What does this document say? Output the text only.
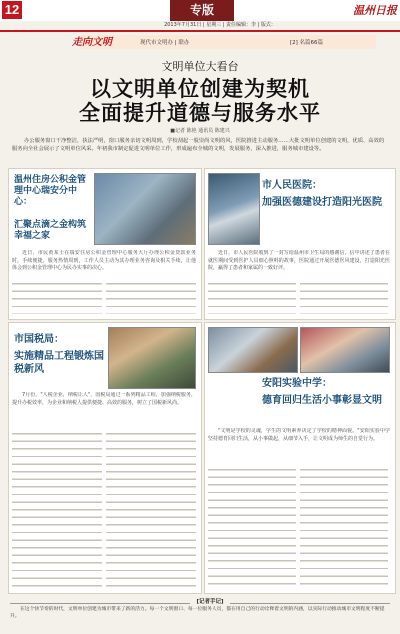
12	专版
2013年7月31日 | 星期三 | 责任编辑：李 | 版式：
温州日报
走向文明	现代市文明办 | 联办	[2] 名篇66篇
文明单位大看台
以文明单位创建为契机
全面提升道德与服务水平
■记者 陈艳 通讯员 陈建兴
办公服务窗口干净整洁，执法严明，窗口服务亲切文明周到，学校刮起一股崇尚文明的风，医院推进主动服务……大批文明单位创建的文明，优质、高效的服务向全社会展示了文明单位风采。年初我市制定促进文明单位工作，形成遍布全城的文明，发展服务，深入推进，服务城市建设等。
温州住房公积金管理中心瑞安分中心：
汇聚点滴之金构筑幸福之家
近日，市民黄某士在瑞安住房公积金管理中心服务大厅办理公积金贷款业务时，手续便捷，服务热情周到，工作人员主动为其办理业务咨询及相关手续，让他体会到公积金管理中心为民办实事的决心。
市人民医院：
加强医德建设打造阳光医院
近日，市人民医院收到了一封写给温州市卫生局的感谢信，信中讲述了患者在就医期间受到医护人员细心照料的故事，医院通过开展医德医风建设，打造阳光医院，赢得了患者和家属的一致好评。
市国税局：
实施精品工程锻炼国税新风
7月份，"人税企业，纳税让人"，国税局通过一系列精品工程，加强纳税服务，提升办税效率，为企业和纳税人提供便捷、高效的服务，树立了国税新风尚。
安阳实验中学：
德育回归生活小事彰显文明
"文明是学校的灵魂，学生的文明素养决定了学校的精神面貌。"安阳实验中学坚持德育回归生活，从小事做起，从细节入手，让文明成为师生的自觉行为。
[记者手记]
在这个快节奏的时代，文明单位创建为城市带来了新的活力。每一个文明窗口、每一位服务人员，都在用自己的行动诠释着文明的内涵，以实际行动推动城市文明程度不断提升。
